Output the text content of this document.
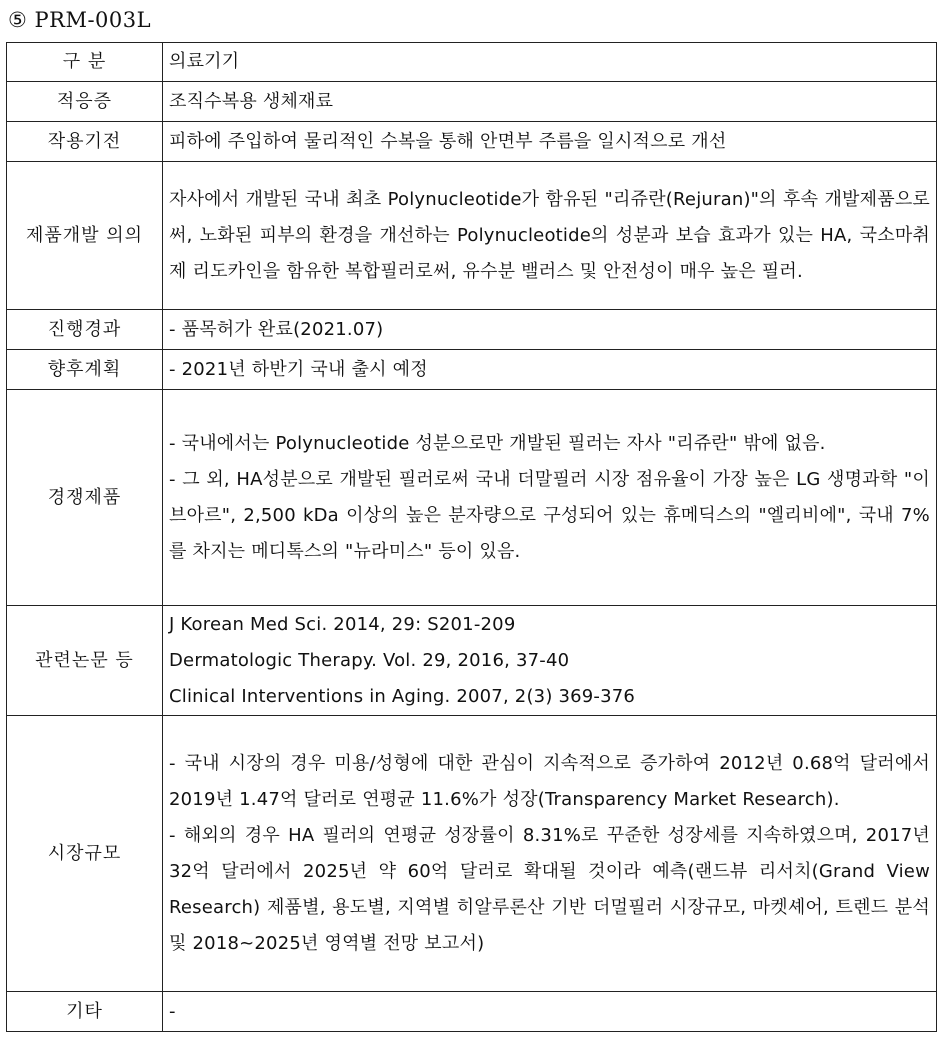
⑤ PRM-003L
구 분	의료기기
적응증	조직수복용 생체재료
작용기전	피하에 주입하여 물리적인 수복을 통해 안면부 주름을 일시적으로 개선
제품개발 의의	자사에서 개발된 국내 최초 Polynucleotide가 함유된 "리쥬란(Rejuran)"의 후속 개발제품으로써, 노화된 피부의 환경을 개선하는 Polynucleotide의 성분과 보습 효과가 있는 HA, 국소마취제 리도카인을 함유한 복합필러로써, 유수분 밸러스 및 안전성이 매우 높은 필러.
진행경과	- 품목허가 완료(2021.07)
향후계획	- 2021년 하반기 국내 출시 예정
경쟁제품	- 국내에서는 Polynucleotide 성분으로만 개발된 필러는 자사 "리쥬란" 밖에 없음.
- 그 외, HA성분으로 개발된 필러로써 국내 더말필러 시장 점유율이 가장 높은 LG 생명과학 "이브아르", 2,500 kDa 이상의 높은 분자량으로 구성되어 있는 휴메딕스의 "엘리비에", 국내 7% 를 차지는 메디톡스의 "뉴라미스" 등이 있음.

관련논문 등	J Korean Med Sci. 2014, 29: S201-209
Dermatologic Therapy. Vol. 29, 2016, 37-40
Clinical Interventions in Aging. 2007, 2(3) 369-376

시장규모	- 국내 시장의 경우 미용/성형에 대한 관심이 지속적으로 증가하여 2012년 0.68억 달러에서 2019년 1.47억 달러로 연평균 11.6%가 성장(Transparency Market Research).
- 해외의 경우 HA 필러의 연평균 성장률이 8.31%로 꾸준한 성장세를 지속하였으며, 2017년 32억 달러에서 2025년 약 60억 달러로 확대될 것이라 예측(랜드뷰 리서치(Grand View Research) 제품별, 용도별, 지역별 히알루론산 기반 더멀필러 시장규모, 마켓셰어, 트렌드 분석 및 2018~2025년 영역별 전망 보고서)

기타	-
